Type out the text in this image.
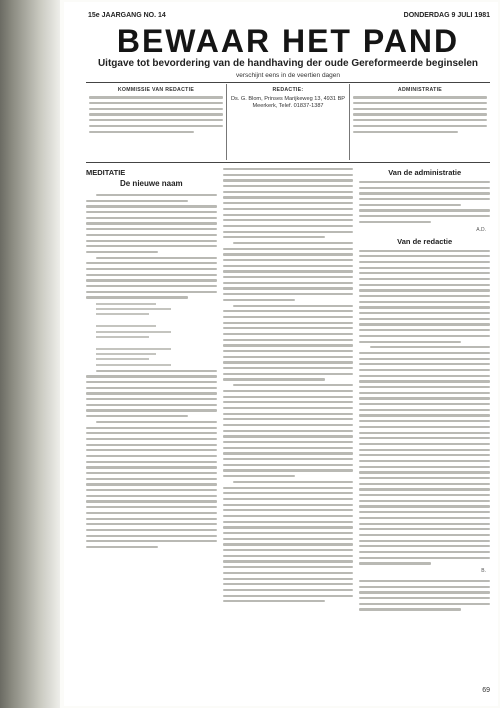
15e JAARGANG NO. 14	DONDERDAG 9 JULI 1981
BEWAAR HET PAND
Uitgave tot bevordering van de handhaving der oude Gereformeerde beginselen
verschijnt eens in de veertien dagen
KOMMISSIE VAN REDACTIE	REDACTIE:

Ds. G. Blom, Prinses Marijkeweg 13, 4931 BP Meerkerk, Telef. 01837-1387

ADMINISTRATIE
MEDITATIE
De nieuwe naam
Van de administratie
A.D.
Van de redactie
B.
69
